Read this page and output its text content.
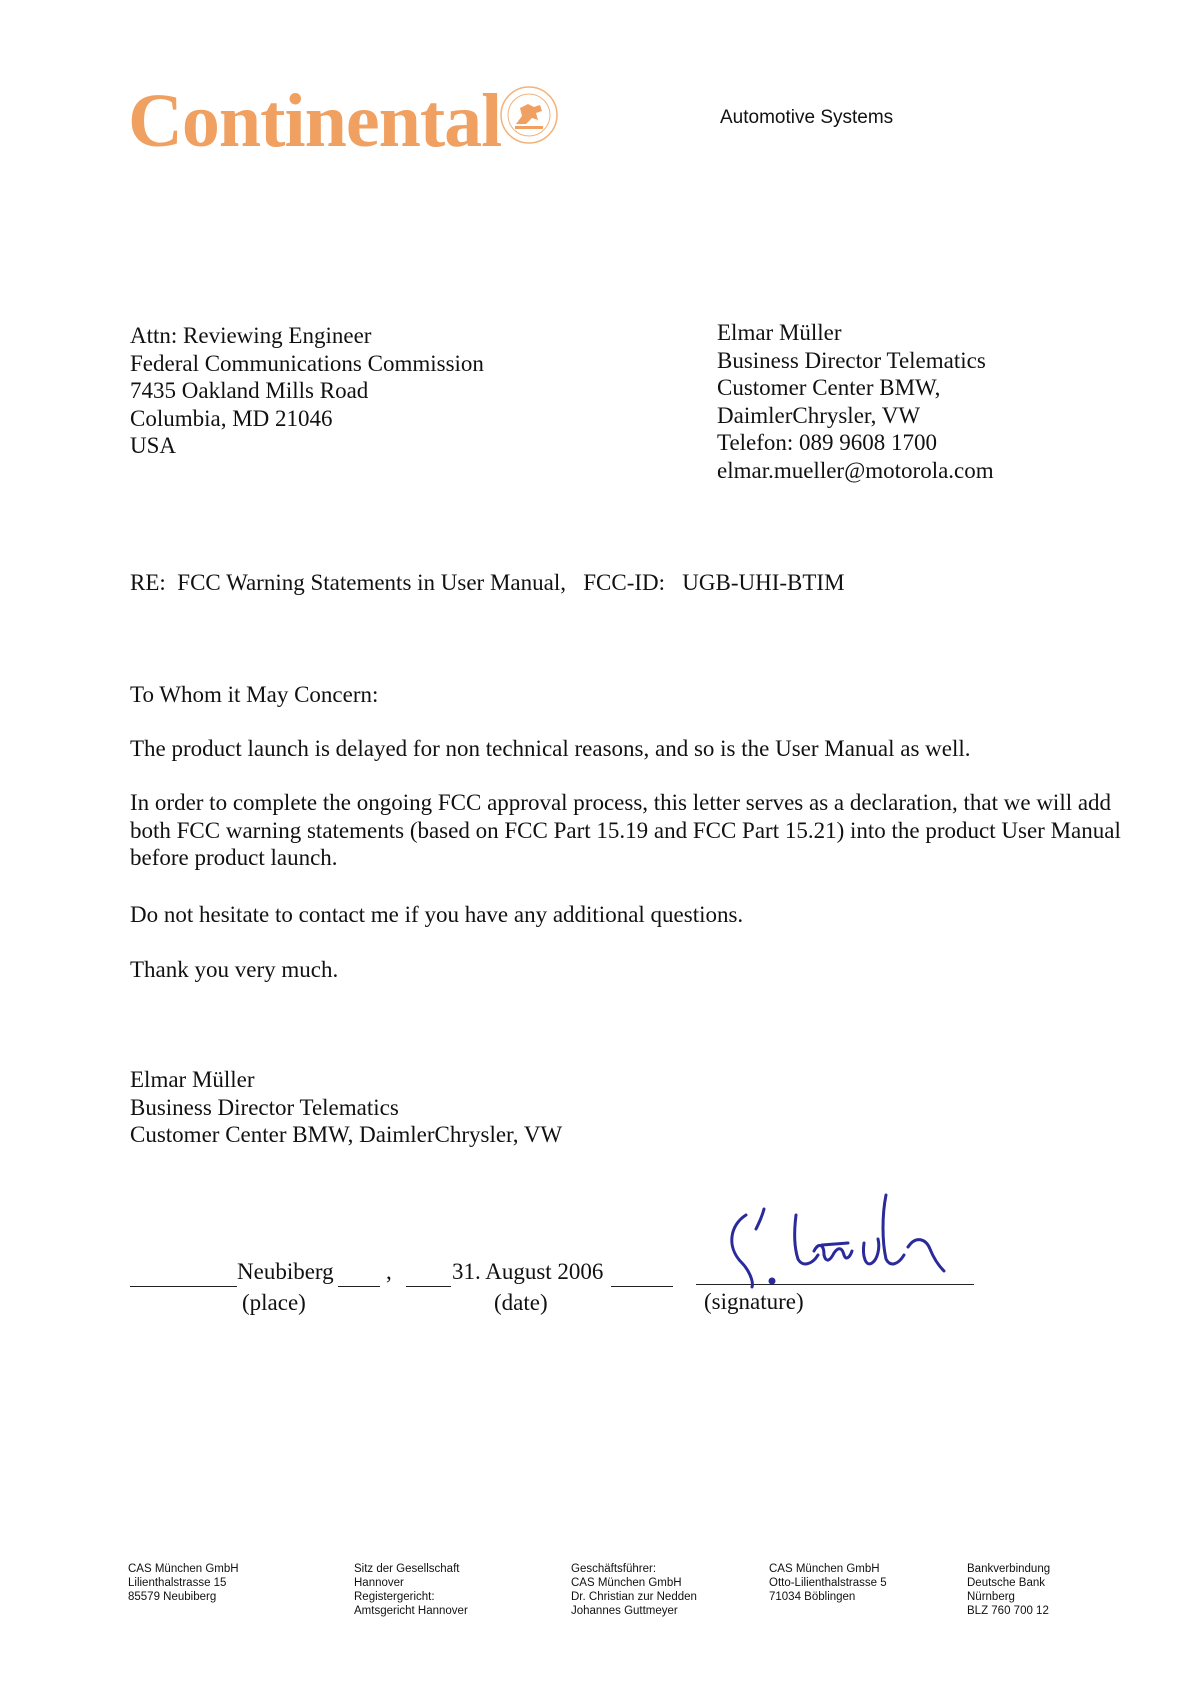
Continental	Automotive Systems
Attn: Reviewing Engineer
Federal Communications Commission
7435 Oakland Mills Road
Columbia, MD 21046
USA
Elmar Müller
Business Director Telematics
Customer Center BMW,
DaimlerChrysler, VW
Telefon: 089 9608 1700
elmar.mueller@motorola.com
RE:  FCC Warning Statements in User Manual,   FCC-ID:   UGB-UHI-BTIM
To Whom it May Concern:
The product launch is delayed for non technical reasons, and so is the User Manual as well.
In order to complete the ongoing FCC approval process, this letter serves as a declaration, that we will add both FCC warning statements (based on FCC Part 15.19 and FCC Part 15.21) into the product User Manual before product launch.
Do not hesitate to contact me if you have any additional questions.
Thank you very much.
Elmar Müller
Business Director Telematics
Customer Center BMW, DaimlerChrysler, VW
Neubiberg ,
(place)
31. August 2006
(date)	(signature)
CAS München GmbH
Lilienthalstrasse 15
85579 Neubiberg
Sitz der Gesellschaft
Hannover
Registergericht:
Amtsgericht Hannover
Geschäftsführer:
CAS München GmbH
Dr. Christian zur Nedden
Johannes Guttmeyer
CAS München GmbH
Otto-Lilienthalstrasse 5
71034 Böblingen
Bankverbindung
Deutsche Bank
Nürnberg
BLZ 760 700 12
